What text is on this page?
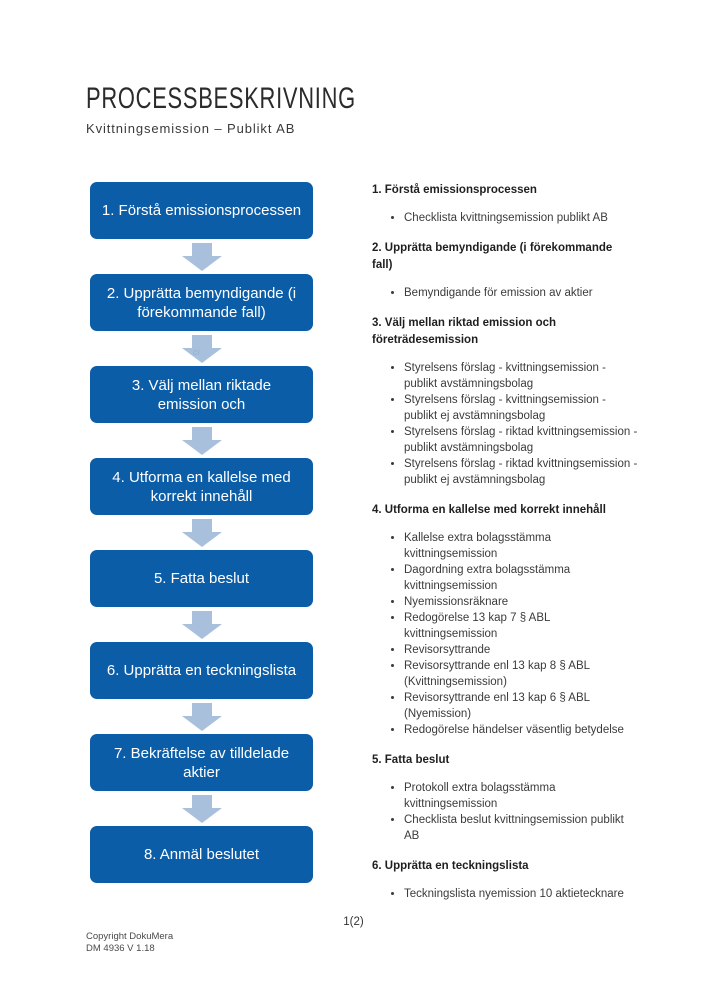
PROCESSBESKRIVNING
Kvittningsemission – Publikt AB
1. Förstå emissionsprocessen
2. Upprätta bemyndigande (i
förekommande fall)
3. Välj mellan riktade
emission och
4. Utforma en kallelse med
korrekt innehåll
5. Fatta beslut
6. Upprätta en teckningslista
7. Bekräftelse av tilldelade
aktier
8. Anmäl beslutet
ci
1. Förstå emissionsprocessen
• Checklista kvittningsemission publikt AB
2. Upprätta bemyndigande (i förekommande
fall)
• Bemyndigande för emission av aktier
3. Välj mellan riktad emission och
företrädesemission
• Styrelsens förslag - kvittningsemission -
publikt avstämningsbolag
• Styrelsens förslag - kvittningsemission -
publikt ej avstämningsbolag
• Styrelsens förslag - riktad kvittningsemission -
publikt avstämningsbolag
• Styrelsens förslag - riktad kvittningsemission -
publikt ej avstämningsbolag
4. Utforma en kallelse med korrekt innehåll
• Kallelse extra bolagsstämma
kvittningsemission
• Dagordning extra bolagsstämma
kvittningsemission
• Nyemissionsräknare
• Redogörelse 13 kap 7 § ABL
kvittningsemission
• Revisorsyttrande
• Revisorsyttrande enl 13 kap 8 § ABL
(Kvittningsemission)
• Revisorsyttrande enl 13 kap 6 § ABL
(Nyemission)
• Redogörelse händelser väsentlig betydelse
5. Fatta beslut
• Protokoll extra bolagsstämma
kvittningsemission
• Checklista beslut kvittningsemission publikt
AB
6. Upprätta en teckningslista
• Teckningslista nyemission 10 aktietecknare
1(2)
Copyright DokuMera
DM 4936 V 1.18
